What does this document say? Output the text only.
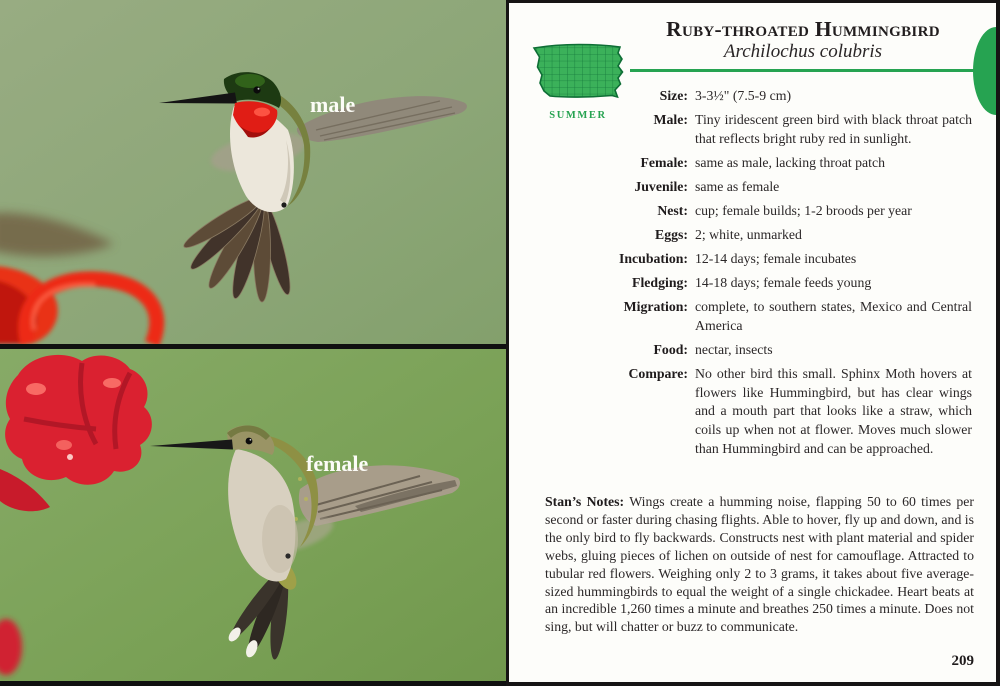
male
female
SUMMER
Ruby-throated Hummingbird
Archilochus colubris
Size: 3-3½" (7.5-9 cm)
Male: Tiny iridescent green bird with black throat patch that reflects bright ruby red in sunlight.
Female: same as male, lacking throat patch
Juvenile: same as female
Nest: cup; female builds; 1-2 broods per year
Eggs: 2; white, unmarked
Incubation: 12-14 days; female incubates
Fledging: 14-18 days; female feeds young
Migration: complete, to southern states, Mexico and Central America
Food: nectar, insects
Compare: No other bird this small. Sphinx Moth hovers at flowers like Hummingbird, but has clear wings and a mouth part that looks like a straw, which coils up when not at flower. Moves much slower than Hummingbird and can be approached.

Stan’s Notes: Wings create a humming noise, flapping 50 to 60 times per second or faster during chasing flights. Able to hover, fly up and down, and is the only bird to fly backwards. Constructs nest with plant material and spider webs, gluing pieces of lichen on outside of nest for camouflage. Attracted to tubular red flowers. Weighing only 2 to 3 grams, it takes about five average-sized hummingbirds to equal the weight of a single chickadee. Heart beats at an incredible 1,260 times a minute and breathes 250 times a minute. Does not sing, but will chatter or buzz to communicate.

209
